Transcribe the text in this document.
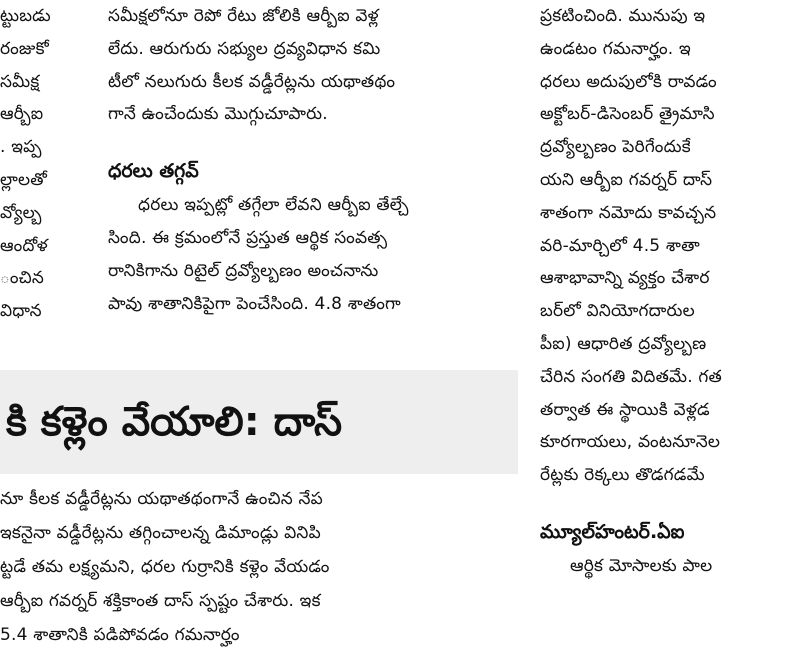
ట్టుబడు
రంజుకో
సమీక్ష
ఆర్బీఐ
. ఇప్ప
ల్లాలతో
వ్యోల్బ
ఆందోళ
ంచిన
విధాన
సమీక్షలోనూ రెపో రేటు జోలికి ఆర్బీఐ వెళ్ల
లేదు. ఆరుగురు సభ్యుల ద్రవ్యవిధాన కమి
టీలో నలుగురు కీలక వడ్డీరేట్లను యథాతథం
గానే ఉంచేందుకు మొగ్గుచూపారు.
ధరలు తగ్గవ్
ధరలు ఇప్పట్లో తగ్గేలా లేవని ఆర్బీఐ తేల్చే
సింది. ఈ క్రమంలోనే ప్రస్తుత ఆర్థిక సంవత్స
రానికిగాను రిటైల్ ద్రవ్యోల్బణం అంచనాను
పావు శాతానికిపైగా పెంచేసింది. 4.8 శాతంగా
కి కళ్లెం వేయాలి: దాస్
నూ కీలక వడ్డీరేట్లను యథాతథంగానే ఉంచిన నేప
ఇకనైనా వడ్డీరేట్లను తగ్గించాలన్న డిమాండ్లు వినిపి
ట్టడే తమ లక్ష్యమని, ధరల గుర్రానికి కళ్లెం వేయడం
ఆర్బీఐ గవర్నర్ శక్తికాంత దాస్ స్పష్టం చేశారు. ఇక
5.4 శాతానికి పడిపోవడం గమనార్హం
ప్రకటించింది. మునుపు ఇ
ఉండటం గమనార్హం. ఇ
ధరలు అదుపులోకి రావడం
అక్టోబర్-డిసెంబర్ త్రైమాసి
ద్రవ్యోల్బణం పెరిగేందుకే
యని ఆర్బీఐ గవర్నర్ దాస్
శాతంగా నమోదు కావచ్చన
వరి-మార్చిలో 4.5 శాతా
ఆశాభావాన్ని వ్యక్తం చేశార
బర్‌లో వినియోగదారుల
పీఐ) ఆధారిత ద్రవ్యోల్బణ
చేరిన సంగతి విదితమే. గత
తర్వాత ఈ స్థాయికి వెళ్లడ
కూరగాయలు, వంటనూనెల
రేట్లకు రెక్కలు తొడగడమే
మ్యూల్‌హంటర్.ఏఐ
ఆర్థిక మోసాలకు పాల
